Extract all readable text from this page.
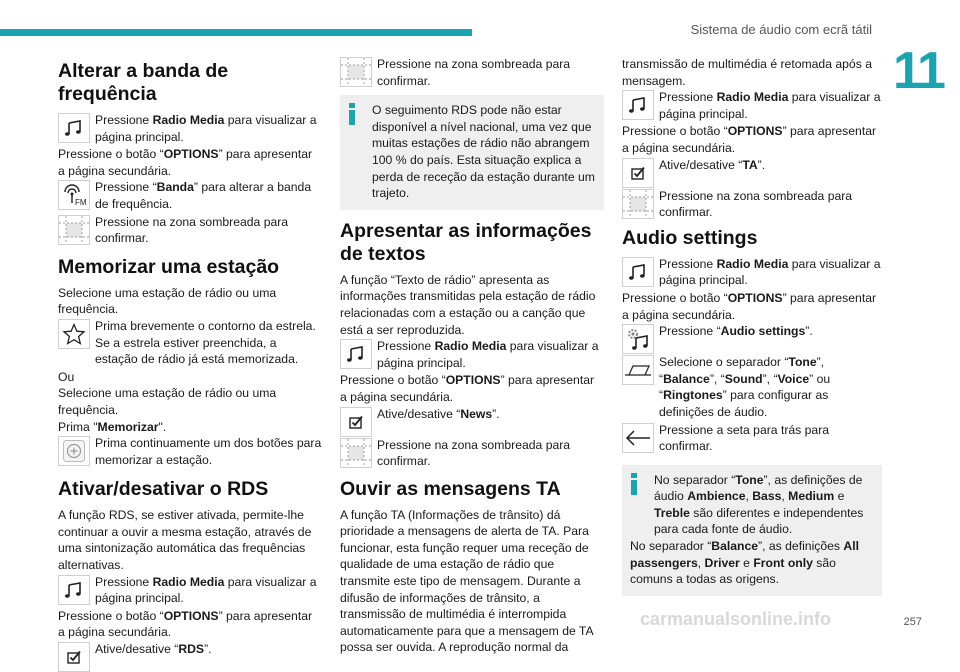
Sistema de áudio com ecrã tátil
11
Alterar a banda de frequência

Pressione Radio Media para visualizar a página principal.

Pressione o botão “OPTIONS” para apresentar a página secundária.

FM

Pressione “Banda” para alterar a banda de frequência.

Pressione na zona sombreada para confirmar.

Memorizar uma estação

Selecione uma estação de rádio ou uma frequência.

Prima brevemente o contorno da estrela. Se a estrela estiver preenchida, a estação de rádio já está memorizada.

Ou

Selecione uma estação de rádio ou uma frequência.

Prima "Memorizar".

Prima continuamente um dos botões para memorizar a estação.

Ativar/desativar o RDS

A função RDS, se estiver ativada, permite-lhe continuar a ouvir a mesma estação, através de uma sintonização automática das frequências alternativas.

Pressione Radio Media para visualizar a página principal.

Pressione o botão “OPTIONS” para apresentar a página secundária.

Ative/desative “RDS”.

Pressione na zona sombreada para confirmar.

O seguimento RDS pode não estar disponível a nível nacional, uma vez que muitas estações de rádio não abrangem 100 % do país. Esta situação explica a perda de receção da estação durante um trajeto.

Apresentar as informações de textos

A função “Texto de rádio” apresenta as informações transmitidas pela estação de rádio relacionadas com a estação ou a canção que está a ser reproduzida.

Pressione Radio Media para visualizar a página principal.

Pressione o botão “OPTIONS” para apresentar a página secundária.

Ative/desative “News”.

Pressione na zona sombreada para confirmar.

Ouvir as mensagens TA

A função TA (Informações de trânsito) dá prioridade a mensagens de alerta de TA. Para funcionar, esta função requer uma receção de qualidade de uma estação de rádio que transmite este tipo de mensagem. Durante a difusão de informações de trânsito, a transmissão de multimédia é interrompida automaticamente para que a mensagem de TA possa ser ouvida. A reprodução normal da

transmissão de multimédia é retomada após a mensagem.

Pressione Radio Media para visualizar a página principal.

Pressione o botão “OPTIONS” para apresentar a página secundária.

Ative/desative “TA”.

Pressione na zona sombreada para confirmar.

Audio settings

Pressione Radio Media para visualizar a página principal.

Pressione o botão “OPTIONS” para apresentar a página secundária.

Pressione “Audio settings”.

Selecione o separador “Tone”, “Balance”, “Sound”, “Voice” ou “Ringtones” para configurar as definições de áudio.

Pressione a seta para trás para confirmar.

No separador “Tone”, as definições de áudio Ambience, Bass, Medium e Treble são diferentes e independentes para cada fonte de áudio.

No separador “Balance”, as definições All passengers, Driver e Front only são comuns a todas as origens.

carmanualsonline.info	257
